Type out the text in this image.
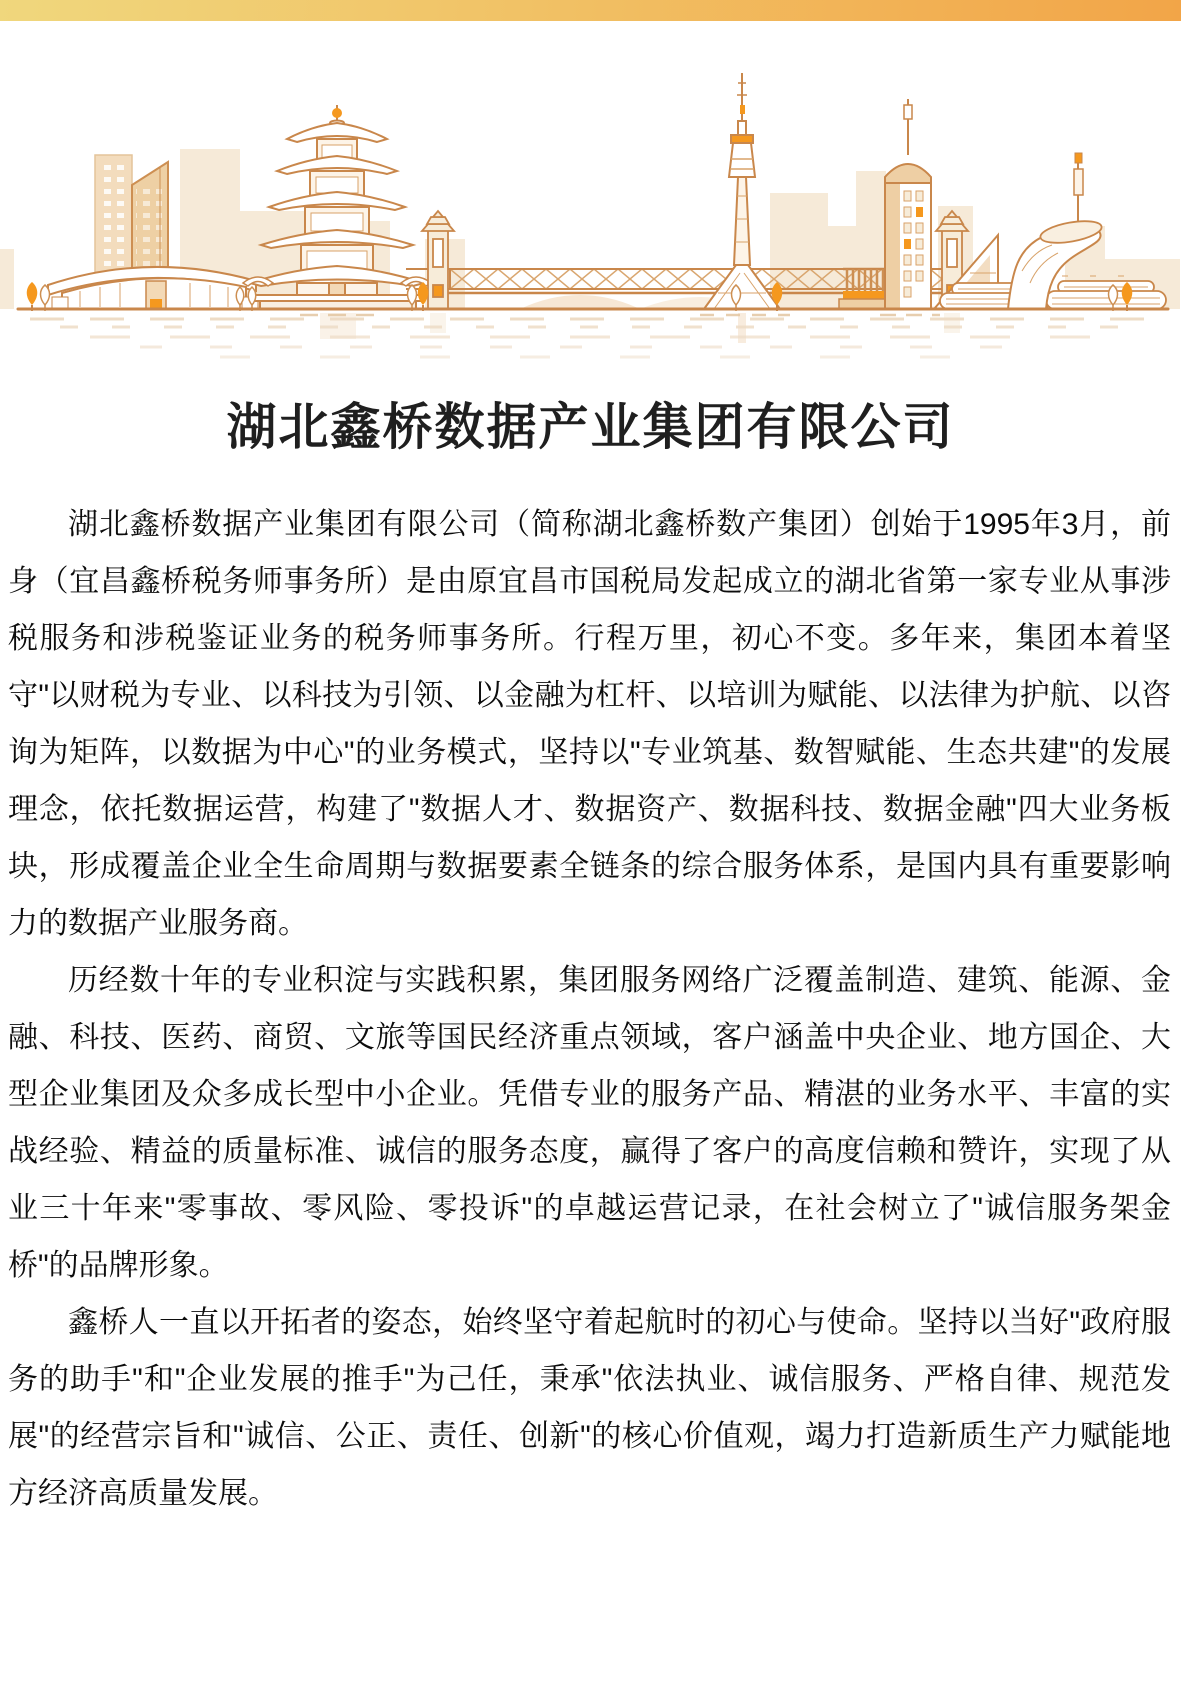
湖北鑫桥数据产业集团有限公司

湖北鑫桥数据产业集团有限公司（简称湖北鑫桥数产集团）创始于1995年3月，前身（宜昌鑫桥税务师事务所）是由原宜昌市国税局发起成立的湖北省第一家专业从事涉税服务和涉税鉴证业务的税务师事务所。行程万里，初心不变。多年来，集团本着坚守"以财税为专业、以科技为引领、以金融为杠杆、以培训为赋能、以法律为护航、以咨询为矩阵，以数据为中心"的业务模式，坚持以"专业筑基、数智赋能、生态共建"的发展理念，依托数据运营，构建了"数据人才、数据资产、数据科技、数据金融"四大业务板块，形成覆盖企业全生命周期与数据要素全链条的综合服务体系，是国内具有重要影响力的数据产业服务商。

历经数十年的专业积淀与实践积累，集团服务网络广泛覆盖制造、建筑、能源、金融、科技、医药、商贸、文旅等国民经济重点领域，客户涵盖中央企业、地方国企、大型企业集团及众多成长型中小企业。凭借专业的服务产品、精湛的业务水平、丰富的实战经验、精益的质量标准、诚信的服务态度，赢得了客户的高度信赖和赞许，实现了从业三十年来"零事故、零风险、零投诉"的卓越运营记录，在社会树立了"诚信服务架金桥"的品牌形象。

鑫桥人一直以开拓者的姿态，始终坚守着起航时的初心与使命。坚持以当好"政府服务的助手"和"企业发展的推手"为己任，秉承"依法执业、诚信服务、严格自律、规范发展"的经营宗旨和"诚信、公正、责任、创新"的核心价值观，竭力打造新质生产力赋能地方经济高质量发展。
